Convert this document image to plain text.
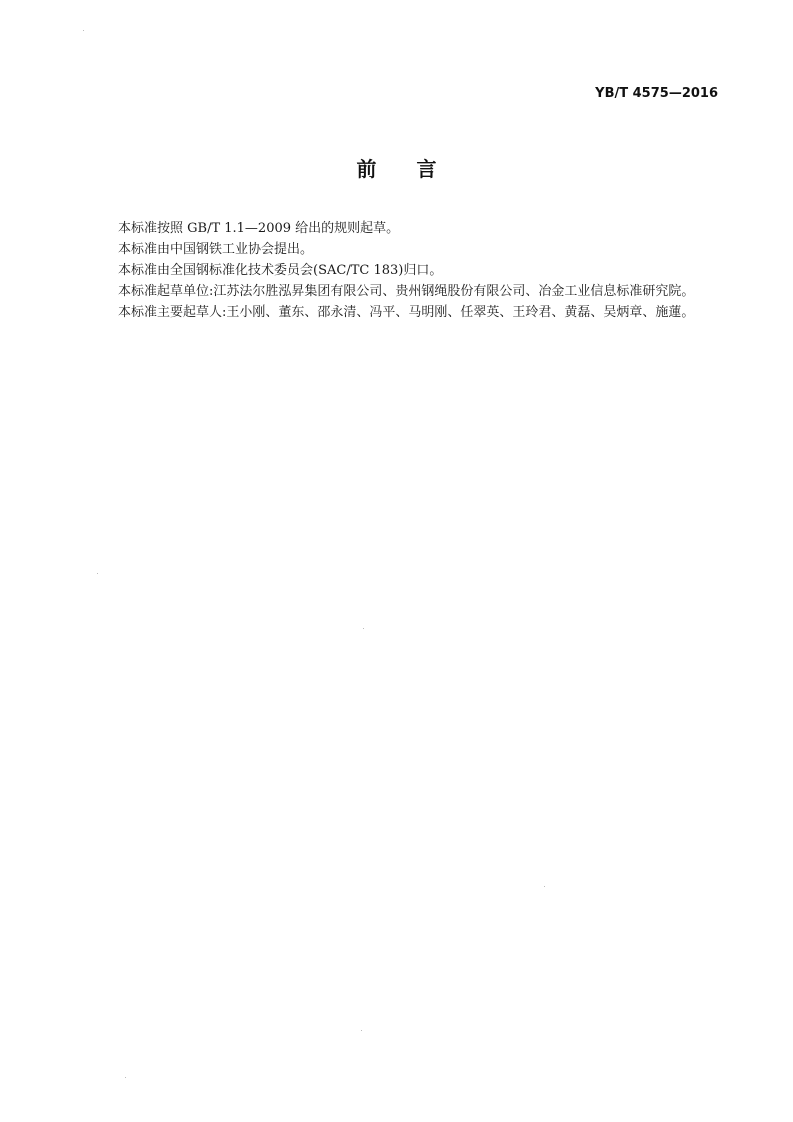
YB/T 4575—2016
前言

本标准按照 GB/T 1.1—2009 给出的规则起草。

本标准由中国钢铁工业协会提出。

本标准由全国钢标准化技术委员会(SAC/TC 183)归口。

本标准起草单位:江苏法尔胜泓昇集团有限公司、贵州钢绳股份有限公司、冶金工业信息标准研究院。

本标准主要起草人:王小刚、董东、邵永清、冯平、马明刚、任翠英、王玲君、黄磊、吴炳章、施蓮。
